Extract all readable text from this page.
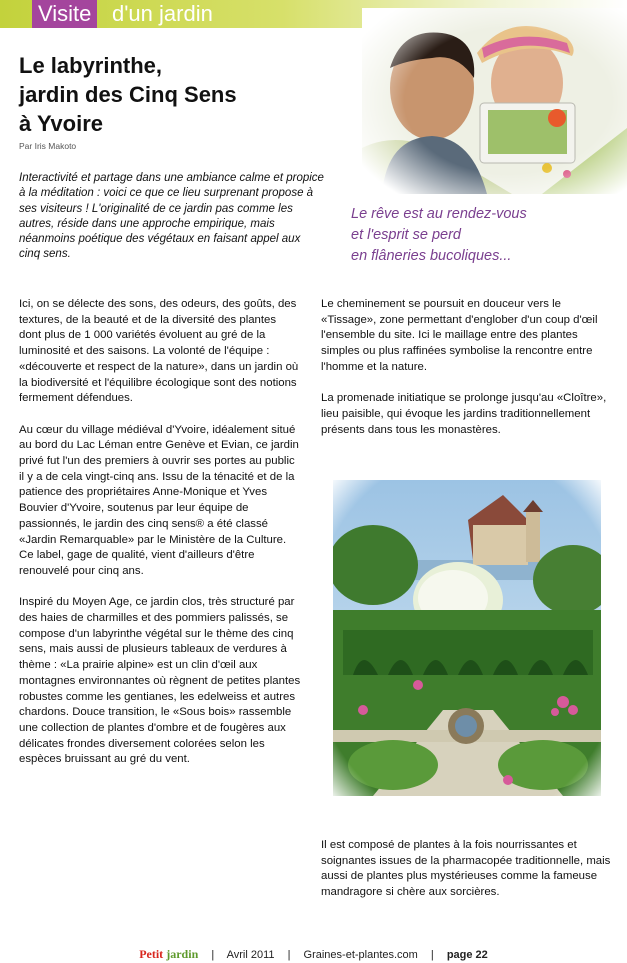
Visite d'un jardin
Le labyrinthe,
jardin des Cinq Sens
à Yvoire
Par Iris Makoto
Interactivité et partage dans une ambiance calme et propice à la méditation : voici ce que ce lieu surprenant propose à ses visiteurs ! L'originalité de ce jardin pas comme les autres, réside dans une approche empirique, mais néanmoins poétique des végétaux en faisant appel aux cinq sens.
Le rêve est au rendez-vous
et l'esprit se perd
en flâneries bucoliques...

Ici, on se délecte des sons, des odeurs, des goûts, des textures, de la beauté et de la diversité des plantes dont plus de 1 000 variétés évoluent au gré de la luminosité et des saisons. La volonté de l'équipe : «découverte et respect de la nature», dans un jardin où la biodiversité et l'équilibre écologique sont des notions fermement défendues.

Au cœur du village médiéval d'Yvoire, idéalement situé au bord du Lac Léman entre Genève et Evian, ce jardin privé fut l'un des premiers à ouvrir ses portes au public il y a de cela vingt-cinq ans. Issu de la ténacité et de la patience des propriétaires Anne-Monique et Yves Bouvier d'Yvoire, soutenus par leur équipe de passionnés, le jardin des cinq sens® a été classé «Jardin Remarquable» par le Ministère de la Culture. Ce label, gage de qualité, vient d'ailleurs d'être renouvelé pour cinq ans.

Inspiré du Moyen Age, ce jardin clos, très structuré par des haies de charmilles et des pommiers palissés, se compose d'un labyrinthe végétal sur le thème des cinq sens, mais aussi de plusieurs tableaux de verdures à thème : «La prairie alpine» est un clin d'œil aux montagnes environnantes où règnent de petites plantes robustes comme les gentianes, les edelweiss et autres chardons. Douce transition, le «Sous bois» rassemble une collection de plantes d'ombre et de fougères aux délicates frondes diversement colorées selon les espèces bruissant au gré du vent.

Le cheminement se poursuit en douceur vers le «Tissage», zone permettant d'englober d'un coup d'œil l'ensemble du site. Ici le maillage entre des plantes simples ou plus raffinées symbolise la rencontre entre l'homme et la nature.

La promenade initiatique se prolonge jusqu'au «Cloître», lieu paisible, qui évoque les jardins traditionnellement présents dans tous les monastères.

Il est composé de plantes à la fois nourrissantes et soignantes issues de la pharmacopée traditionnelle, mais aussi de plantes plus mystérieuses comme la fameuse mandragore si chère aux sorcières.

Petit jardin | Avril 2011 | Graines-et-plantes.com | page 22
